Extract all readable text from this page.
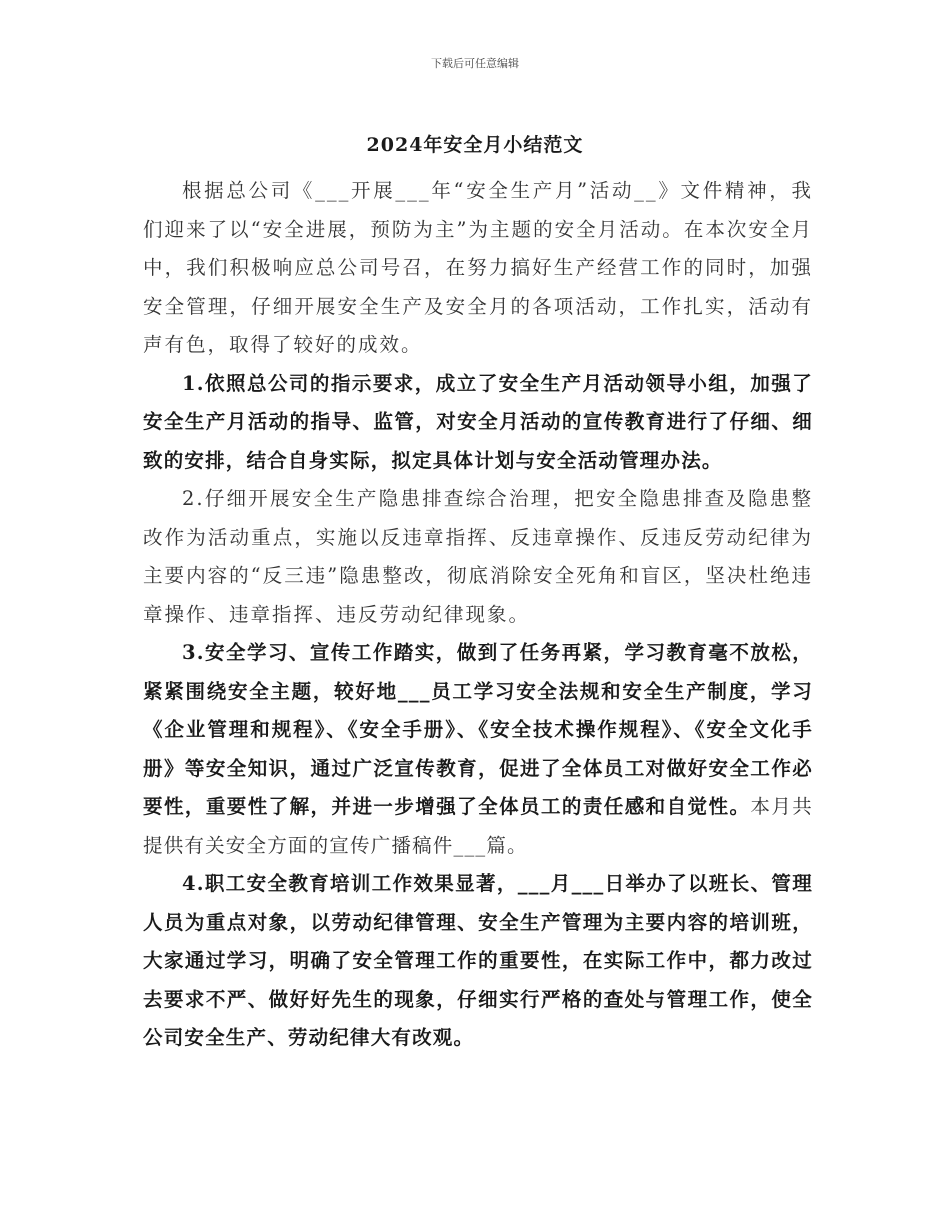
下载后可任意编辑
2024年安全月小结范文

根据总公司《___开展___年“安全生产月”活动__》文件精神，我们迎来了以“安全进展，预防为主”为主题的安全月活动。在本次安全月中，我们积极响应总公司号召，在努力搞好生产经营工作的同时，加强安全管理，仔细开展安全生产及安全月的各项活动，工作扎实，活动有声有色，取得了较好的成效。

1.依照总公司的指示要求，成立了安全生产月活动领导小组，加强了安全生产月活动的指导、监管，对安全月活动的宣传教育进行了仔细、细致的安排，结合自身实际，拟定具体计划与安全活动管理办法。

2.仔细开展安全生产隐患排查综合治理，把安全隐患排查及隐患整改作为活动重点，实施以反违章指挥、反违章操作、反违反劳动纪律为主要内容的“反三违”隐患整改，彻底消除安全死角和盲区，坚决杜绝违章操作、违章指挥、违反劳动纪律现象。

3.安全学习、宣传工作踏实，做到了任务再紧，学习教育毫不放松，紧紧围绕安全主题，较好地___员工学习安全法规和安全生产制度，学习《企业管理和规程》、《安全手册》、《安全技术操作规程》、《安全文化手册》等安全知识，通过广泛宣传教育，促进了全体员工对做好安全工作必要性，重要性了解，并进一步增强了全体员工的责任感和自觉性。本月共提供有关安全方面的宣传广播稿件___篇。

4.职工安全教育培训工作效果显著，___月___日举办了以班长、管理人员为重点对象，以劳动纪律管理、安全生产管理为主要内容的培训班，大家通过学习，明确了安全管理工作的重要性，在实际工作中，都力改过去要求不严、做好好先生的现象，仔细实行严格的查处与管理工作，使全公司安全生产、劳动纪律大有改观。
